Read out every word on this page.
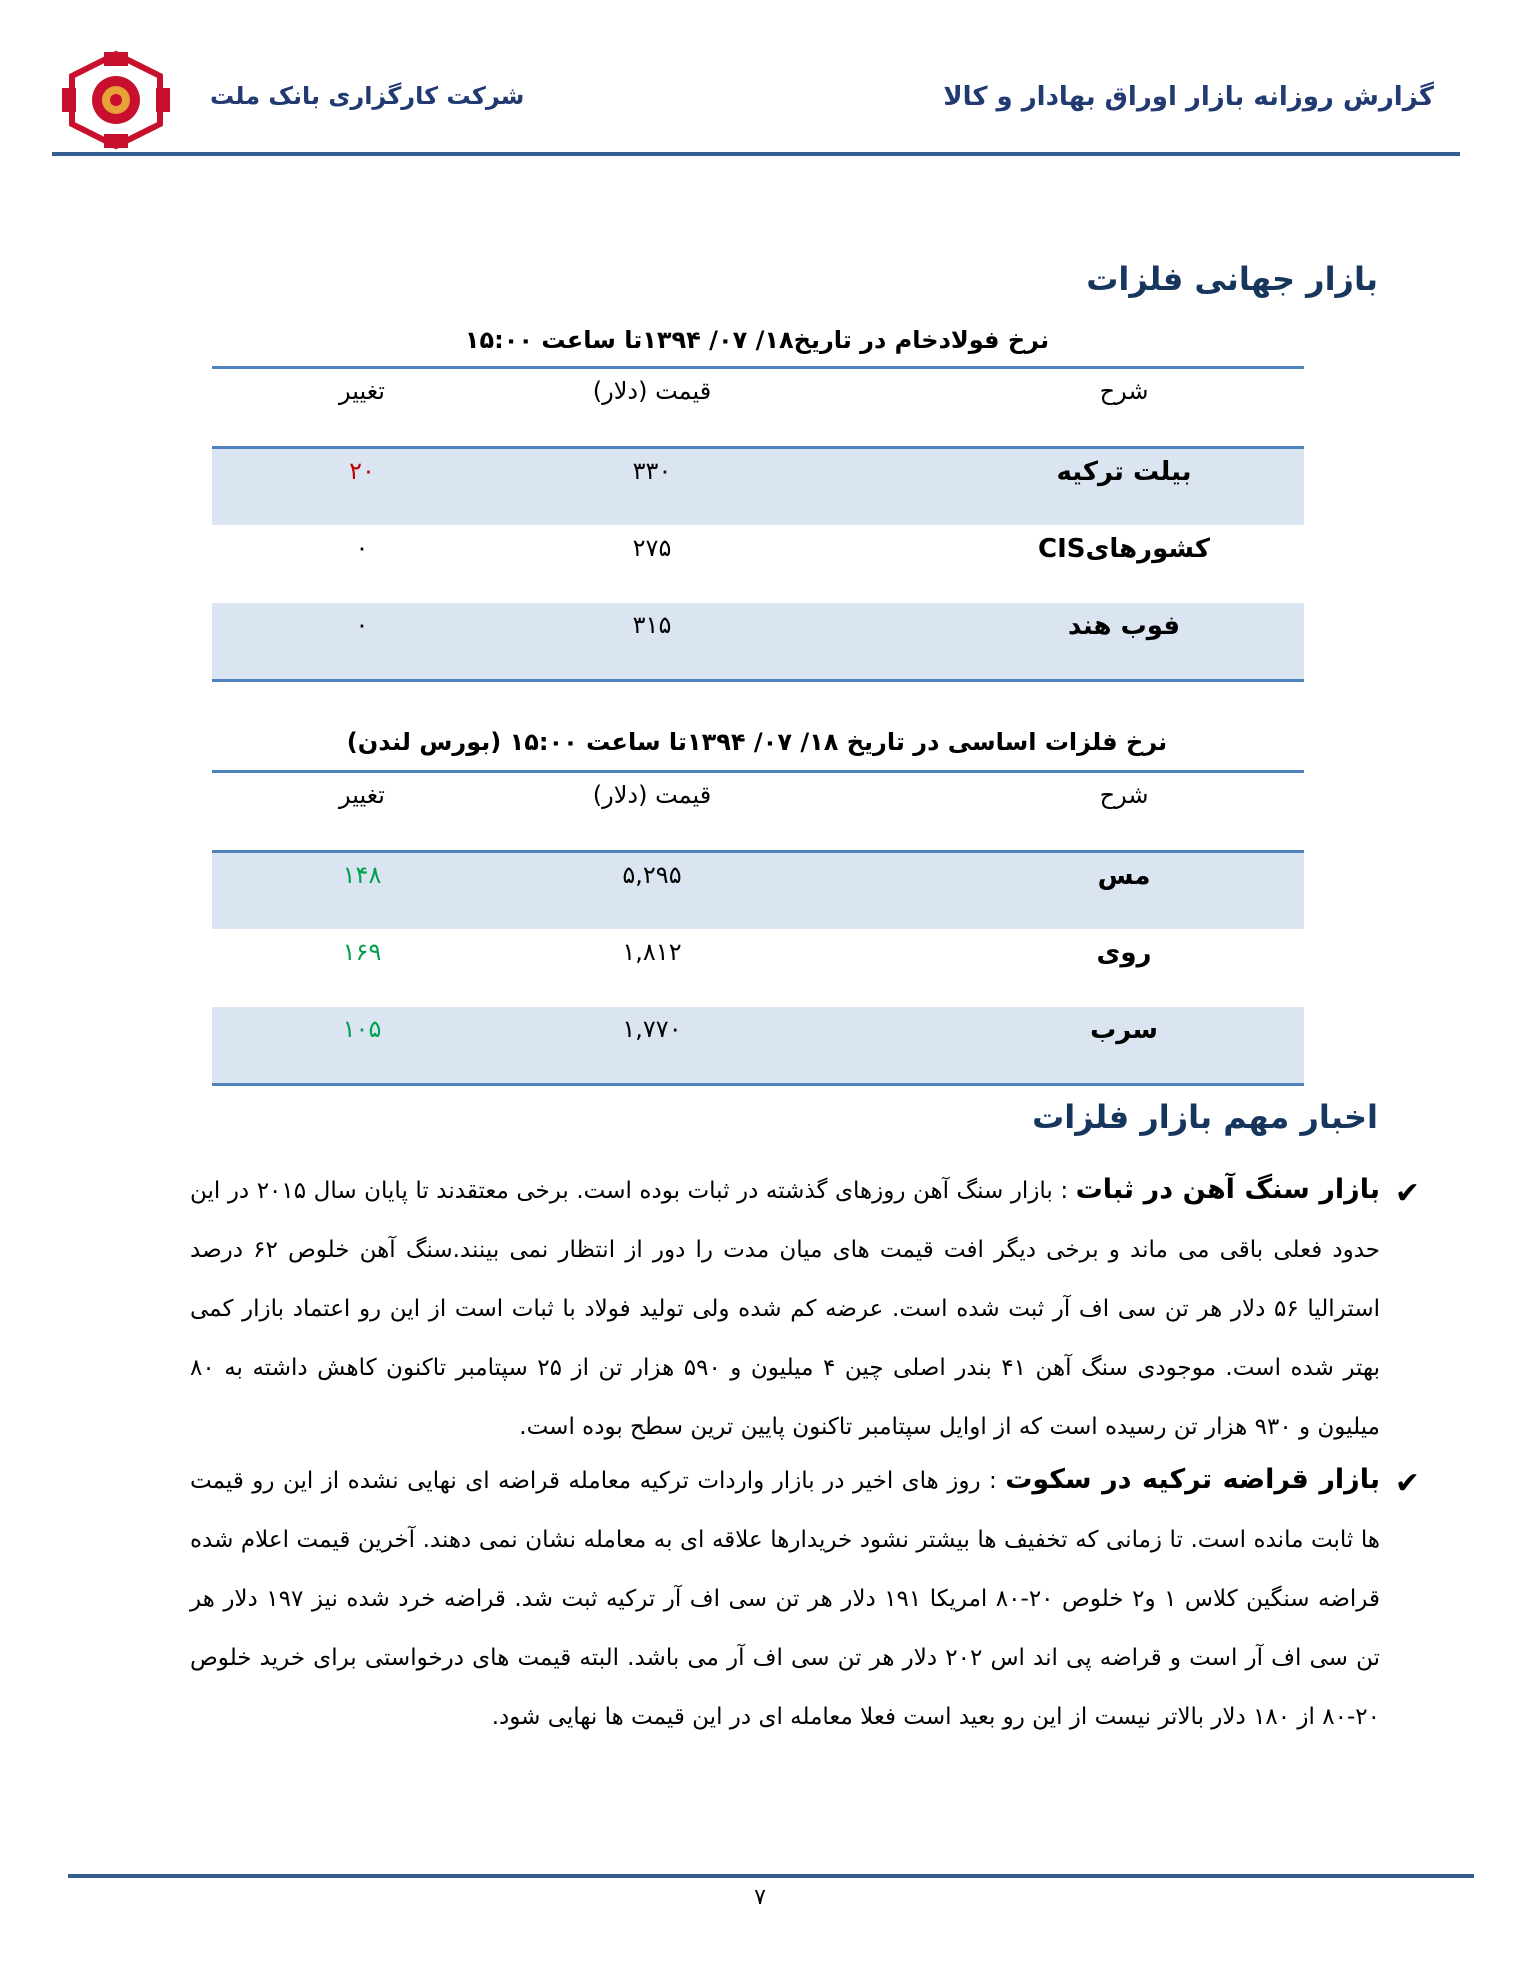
شرکت کارگزاری بانک ملت	گزارش روزانه بازار اوراق بهادار و کالا
بازار جهانی فلزات
نرخ فولادخام در تاریخ۱۸/ ۰۷/ ۱۳۹۴تا ساعت ۱۵:۰۰
شرح
قیمت (دلار)
تغییر
بیلت ترکیه
۳۳۰
۲۰
کشورهایCIS
۲۷۵
۰
فوب هند
۳۱۵
۰
نرخ فلزات اساسی در تاریخ ۱۸/ ۰۷/ ۱۳۹۴تا ساعت ۱۵:۰۰ (بورس لندن)
شرح
قیمت (دلار)
تغییر
مس
۵,۲۹۵
۱۴۸
روی
۱,۸۱۲
۱۶۹
سرب
۱,۷۷۰
۱۰۵
اخبار مهم بازار فلزات
✔
بازار سنگ آهن در ثبات : بازار سنگ آهن روزهای گذشته در ثبات بوده است. برخی معتقدند تا پایان سال ۲۰۱۵ در این حدود فعلی باقی می ماند و برخی دیگر افت قیمت های میان مدت را دور از انتظار نمی بینند.سنگ آهن خلوص ۶۲ درصد استرالیا ۵۶ دلار هر تن سی اف آر ثبت شده است. عرضه کم شده ولی تولید فولاد با ثبات است از این رو اعتماد بازار کمی بهتر شده است. موجودی سنگ آهن ۴۱ بندر اصلی چین ۴ میلیون و ۵۹۰ هزار تن از ۲۵ سپتامبر تاکنون کاهش داشته به ۸۰ میلیون و ۹۳۰ هزار تن رسیده است که از اوایل سپتامبر تاکنون پایین ترین سطح بوده است.
✔
بازار قراضه ترکیه در سکوت : روز های اخیر در بازار واردات ترکیه معامله قراضه ای نهایی نشده از این رو قیمت ها ثابت مانده است. تا زمانی که تخفیف ها بیشتر نشود خریدارها علاقه ای به معامله نشان نمی دهند. آخرین قیمت اعلام شده قراضه سنگین کلاس ۱ و۲ خلوص ۲۰-۸۰ امریکا ۱۹۱ دلار هر تن سی اف آر ترکیه ثبت شد. قراضه خرد شده نیز ۱۹۷ دلار هر تن سی اف آر است و قراضه پی اند اس ۲۰۲ دلار هر تن سی اف آر می باشد. البته قیمت های درخواستی برای خرید خلوص ۲۰-۸۰ از ۱۸۰ دلار بالاتر نیست از این رو بعید است فعلا معامله ای در این قیمت ها نهایی شود.
۷
